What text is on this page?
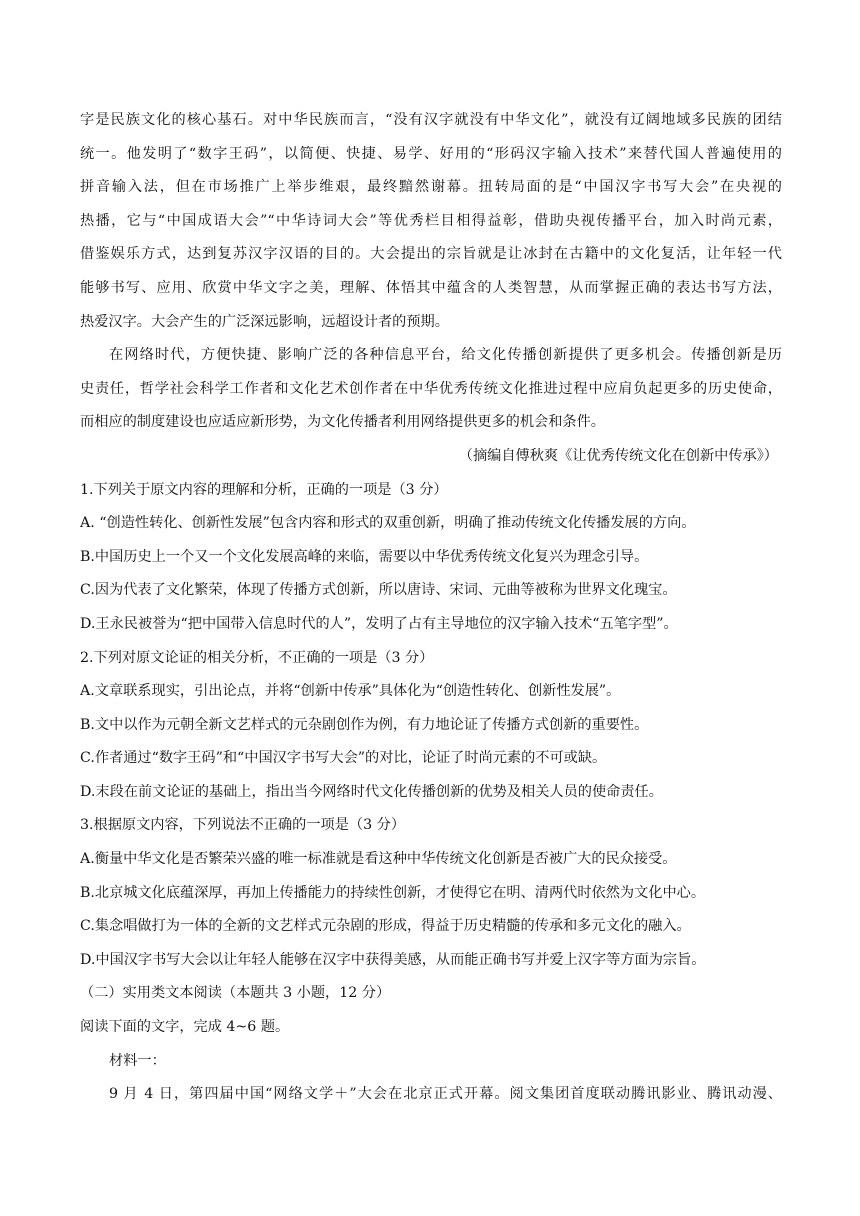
字是民族文化的核心基石。对中华民族而言，“没有汉字就没有中华文化”，就没有辽阔地域多民族的团结
统一。他发明了“数字王码”，以简便、快捷、易学、好用的“形码汉字输入技术”来替代国人普遍使用的
拼音输入法，但在市场推广上举步维艰，最终黯然谢幕。扭转局面的是“中国汉字书写大会”在央视的
热播，它与“中国成语大会”“中华诗词大会”等优秀栏目相得益彰，借助央视传播平台，加入时尚元素，
借鉴娱乐方式，达到复苏汉字汉语的目的。大会提出的宗旨就是让冰封在古籍中的文化复活，让年轻一代
能够书写、应用、欣赏中华文字之美，理解、体悟其中蕴含的人类智慧，从而掌握正确的表达书写方法，
热爱汉字。大会产生的广泛深远影响，远超设计者的预期。
在网络时代，方便快捷、影响广泛的各种信息平台，给文化传播创新提供了更多机会。传播创新是历
史责任，哲学社会科学工作者和文化艺术创作者在中华优秀传统文化推进过程中应肩负起更多的历史使命，
而相应的制度建设也应适应新形势，为文化传播者利用网络提供更多的机会和条件。
（摘编自傅秋爽《让优秀传统文化在创新中传承》）
1.下列关于原文内容的理解和分析，正确的一项是（3 分）
A. “创造性转化、创新性发展”包含内容和形式的双重创新，明确了推动传统文化传播发展的方向。
B.中国历史上一个又一个文化发展高峰的来临，需要以中华优秀传统文化复兴为理念引导。
C.因为代表了文化繁荣，体现了传播方式创新，所以唐诗、宋词、元曲等被称为世界文化瑰宝。
D.王永民被誉为“把中国带入信息时代的人”，发明了占有主导地位的汉字输入技术“五笔字型”。
2.下列对原文论证的相关分析，不正确的一项是（3 分）
A.文章联系现实，引出论点，并将“创新中传承”具体化为“创造性转化、创新性发展”。
B.文中以作为元朝全新文艺样式的元杂剧创作为例，有力地论证了传播方式创新的重要性。
C.作者通过“数字王码”和“中国汉字书写大会”的对比，论证了时尚元素的不可或缺。
D.末段在前文论证的基础上，指出当今网络时代文化传播创新的优势及相关人员的使命责任。
3.根据原文内容，下列说法不正确的一项是（3 分）
A.衡量中华文化是否繁荣兴盛的唯一标准就是看这种中华传统文化创新是否被广大的民众接受。
B.北京城文化底蕴深厚，再加上传播能力的持续性创新，才使得它在明、清两代时依然为文化中心。
C.集念唱做打为一体的全新的文艺样式元杂剧的形成，得益于历史精髓的传承和多元文化的融入。
D.中国汉字书写大会以让年轻人能够在汉字中获得美感，从而能正确书写并爱上汉字等方面为宗旨。
（二）实用类文本阅读（本题共 3 小题，12 分）
阅读下面的文字，完成 4~6 题。
材料一：
9 月 4 日，第四届中国“网络文学＋”大会在北京正式开幕。阅文集团首度联动腾讯影业、腾讯动漫、
